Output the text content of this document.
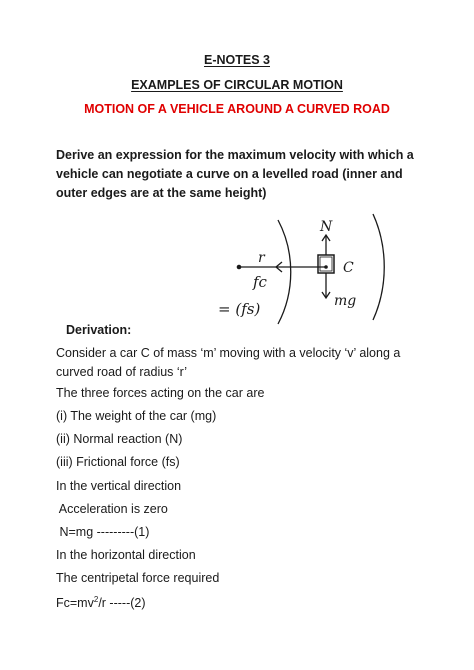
E-NOTES 3
EXAMPLES OF CIRCULAR MOTION
MOTION OF A VEHICLE AROUND A CURVED ROAD
Derive an expression for the maximum velocity with which a vehicle can negotiate a curve on a levelled road (inner and outer edges are at the same height)
N
r
C
fc
mg
= (fs)
Derivation:
Consider a car C of mass ‘m’ moving with a velocity ‘v’ along a curved road of radius ‘r’
The three forces acting on the car are
(i) The weight of the car (mg)
(ii) Normal reaction (N)
(iii) Frictional force (fs)
In the vertical direction
Acceleration is zero
N=mg ---------(1)
In the horizontal direction
The centripetal force required
$Fc=mv^2/r$ -----(2)
